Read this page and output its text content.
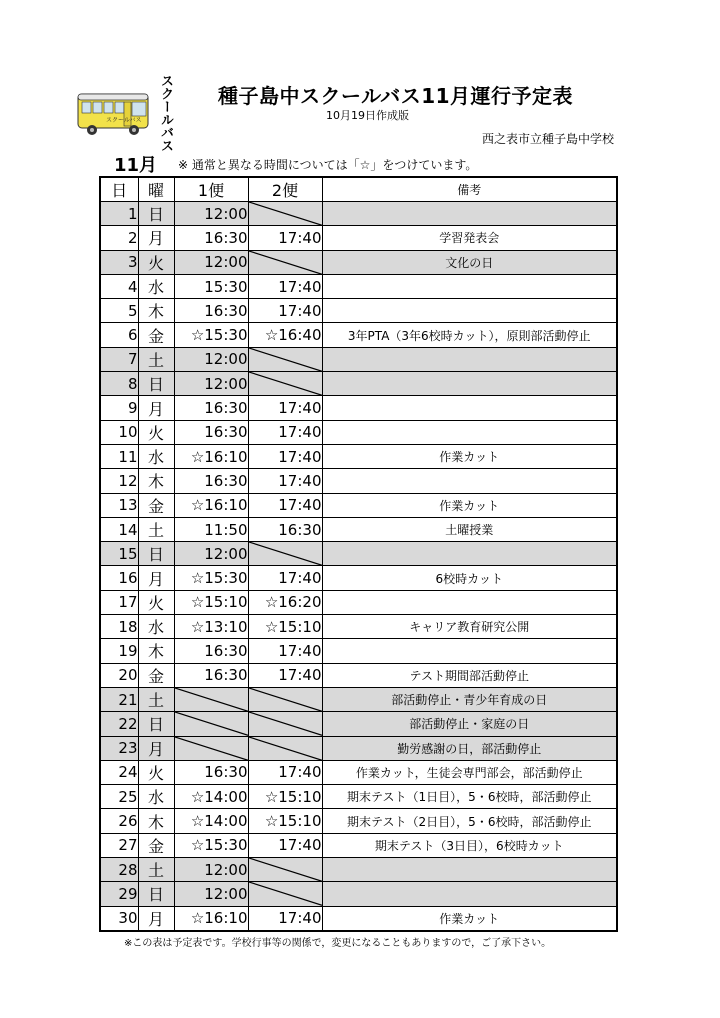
スクールバス スクールバス 種子島中スクールバス11月運行予定表
10月19日作成版
西之表市立種子島中学校
11月 ※ 通常と異なる時間については「☆」をつけています。
日	曜	1便	2便	備考
1	日	12:00	

2	月	16:30	17:40	学習発表会
3	火	12:00		文化の日
4	水	15:30	17:40	
5	木	16:30	17:40	
6	金	☆15:30	☆16:40	3年PTA（3年6校時カット），原則部活動停止
7	土	12:00	

8	日	12:00	

9	月	16:30	17:40	
10	火	16:30	17:40	
11	水	☆16:10	17:40	作業カット
12	木	16:30	17:40	
13	金	☆16:10	17:40	作業カット
14	土	11:50	16:30	土曜授業
15	日	12:00	

16	月	☆15:30	17:40	6校時カット
17	火	☆15:10	☆16:20	
18	水	☆13:10	☆15:10	キャリア教育研究公開
19	木	16:30	17:40	
20	金	16:30	17:40	テスト期間部活動停止
21	土			部活動停止・青少年育成の日
22	日			部活動停止・家庭の日
23	月			勤労感謝の日，部活動停止
24	火	16:30	17:40	作業カット，生徒会専門部会，部活動停止
25	水	☆14:00	☆15:10	期末テスト（1日目），5・6校時，部活動停止
26	木	☆14:00	☆15:10	期末テスト（2日目），5・6校時，部活動停止
27	金	☆15:30	17:40	期末テスト（3日目），6校時カット
28	土	12:00	

29	日	12:00	

30	月	☆16:10	17:40	作業カット
※この表は予定表です。学校行事等の関係で，変更になることもありますので，ご了承下さい。
